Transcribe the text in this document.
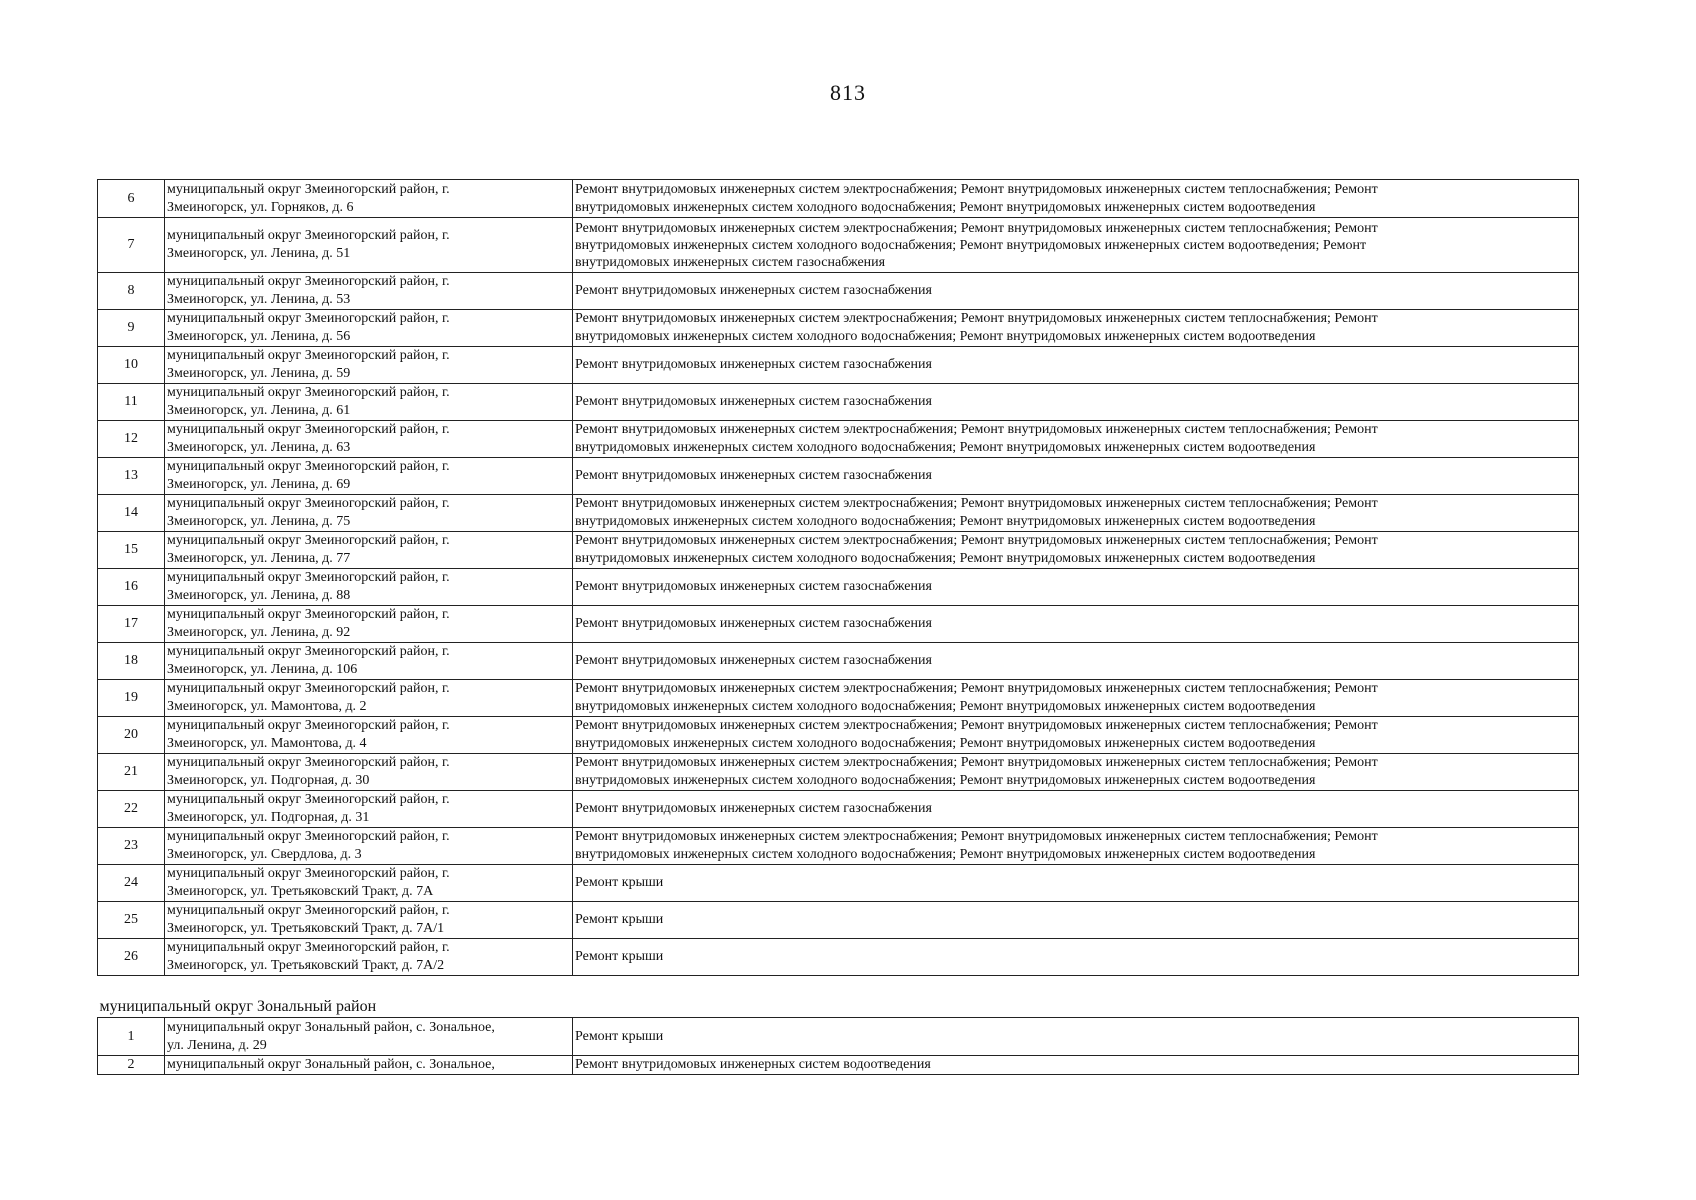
813
6	муниципальный округ Змеиногорский район, г.
Змеиногорск, ул. Горняков, д. 6	Ремонт внутридомовых инженерных систем электроснабжения; Ремонт внутридомовых инженерных систем теплоснабжения; Ремонт
внутридомовых инженерных систем холодного водоснабжения; Ремонт внутридомовых инженерных систем водоотведения

7	муниципальный округ Змеиногорский район, г.
Змеиногорск, ул. Ленина, д. 51	Ремонт внутридомовых инженерных систем электроснабжения; Ремонт внутридомовых инженерных систем теплоснабжения; Ремонт
внутридомовых инженерных систем холодного водоснабжения; Ремонт внутридомовых инженерных систем водоотведения; Ремонт
внутридомовых инженерных систем газоснабжения

8	муниципальный округ Змеиногорский район, г.
Змеиногорск, ул. Ленина, д. 53	Ремонт внутридомовых инженерных систем газоснабжения

9	муниципальный округ Змеиногорский район, г.
Змеиногорск, ул. Ленина, д. 56	Ремонт внутридомовых инженерных систем электроснабжения; Ремонт внутридомовых инженерных систем теплоснабжения; Ремонт
внутридомовых инженерных систем холодного водоснабжения; Ремонт внутридомовых инженерных систем водоотведения

10	муниципальный округ Змеиногорский район, г.
Змеиногорск, ул. Ленина, д. 59	Ремонт внутридомовых инженерных систем газоснабжения

11	муниципальный округ Змеиногорский район, г.
Змеиногорск, ул. Ленина, д. 61	Ремонт внутридомовых инженерных систем газоснабжения

12	муниципальный округ Змеиногорский район, г.
Змеиногорск, ул. Ленина, д. 63	Ремонт внутридомовых инженерных систем электроснабжения; Ремонт внутридомовых инженерных систем теплоснабжения; Ремонт
внутридомовых инженерных систем холодного водоснабжения; Ремонт внутридомовых инженерных систем водоотведения

13	муниципальный округ Змеиногорский район, г.
Змеиногорск, ул. Ленина, д. 69	Ремонт внутридомовых инженерных систем газоснабжения

14	муниципальный округ Змеиногорский район, г.
Змеиногорск, ул. Ленина, д. 75	Ремонт внутридомовых инженерных систем электроснабжения; Ремонт внутридомовых инженерных систем теплоснабжения; Ремонт
внутридомовых инженерных систем холодного водоснабжения; Ремонт внутридомовых инженерных систем водоотведения

15	муниципальный округ Змеиногорский район, г.
Змеиногорск, ул. Ленина, д. 77	Ремонт внутридомовых инженерных систем электроснабжения; Ремонт внутридомовых инженерных систем теплоснабжения; Ремонт
внутридомовых инженерных систем холодного водоснабжения; Ремонт внутридомовых инженерных систем водоотведения

16	муниципальный округ Змеиногорский район, г.
Змеиногорск, ул. Ленина, д. 88	Ремонт внутридомовых инженерных систем газоснабжения

17	муниципальный округ Змеиногорский район, г.
Змеиногорск, ул. Ленина, д. 92	Ремонт внутридомовых инженерных систем газоснабжения

18	муниципальный округ Змеиногорский район, г.
Змеиногорск, ул. Ленина, д. 106	Ремонт внутридомовых инженерных систем газоснабжения

19	муниципальный округ Змеиногорский район, г.
Змеиногорск, ул. Мамонтова, д. 2	Ремонт внутридомовых инженерных систем электроснабжения; Ремонт внутридомовых инженерных систем теплоснабжения; Ремонт
внутридомовых инженерных систем холодного водоснабжения; Ремонт внутридомовых инженерных систем водоотведения

20	муниципальный округ Змеиногорский район, г.
Змеиногорск, ул. Мамонтова, д. 4	Ремонт внутридомовых инженерных систем электроснабжения; Ремонт внутридомовых инженерных систем теплоснабжения; Ремонт
внутридомовых инженерных систем холодного водоснабжения; Ремонт внутридомовых инженерных систем водоотведения

21	муниципальный округ Змеиногорский район, г.
Змеиногорск, ул. Подгорная, д. 30	Ремонт внутридомовых инженерных систем электроснабжения; Ремонт внутридомовых инженерных систем теплоснабжения; Ремонт
внутридомовых инженерных систем холодного водоснабжения; Ремонт внутридомовых инженерных систем водоотведения

22	муниципальный округ Змеиногорский район, г.
Змеиногорск, ул. Подгорная, д. 31	Ремонт внутридомовых инженерных систем газоснабжения

23	муниципальный округ Змеиногорский район, г.
Змеиногорск, ул. Свердлова, д. 3	Ремонт внутридомовых инженерных систем электроснабжения; Ремонт внутридомовых инженерных систем теплоснабжения; Ремонт
внутридомовых инженерных систем холодного водоснабжения; Ремонт внутридомовых инженерных систем водоотведения

24	муниципальный округ Змеиногорский район, г.
Змеиногорск, ул. Третьяковский Тракт, д. 7А	Ремонт крыши

25	муниципальный округ Змеиногорский район, г.
Змеиногорск, ул. Третьяковский Тракт, д. 7А/1	Ремонт крыши

26	муниципальный округ Змеиногорский район, г.
Змеиногорск, ул. Третьяковский Тракт, д. 7А/2	Ремонт крыши

муниципальный округ Зональный район		
1	муниципальный округ Зональный район, с. Зональное,
ул. Ленина, д. 29	Ремонт крыши

2	муниципальный округ Зональный район, с. Зональное,	Ремонт внутридомовых инженерных систем водоотведения
